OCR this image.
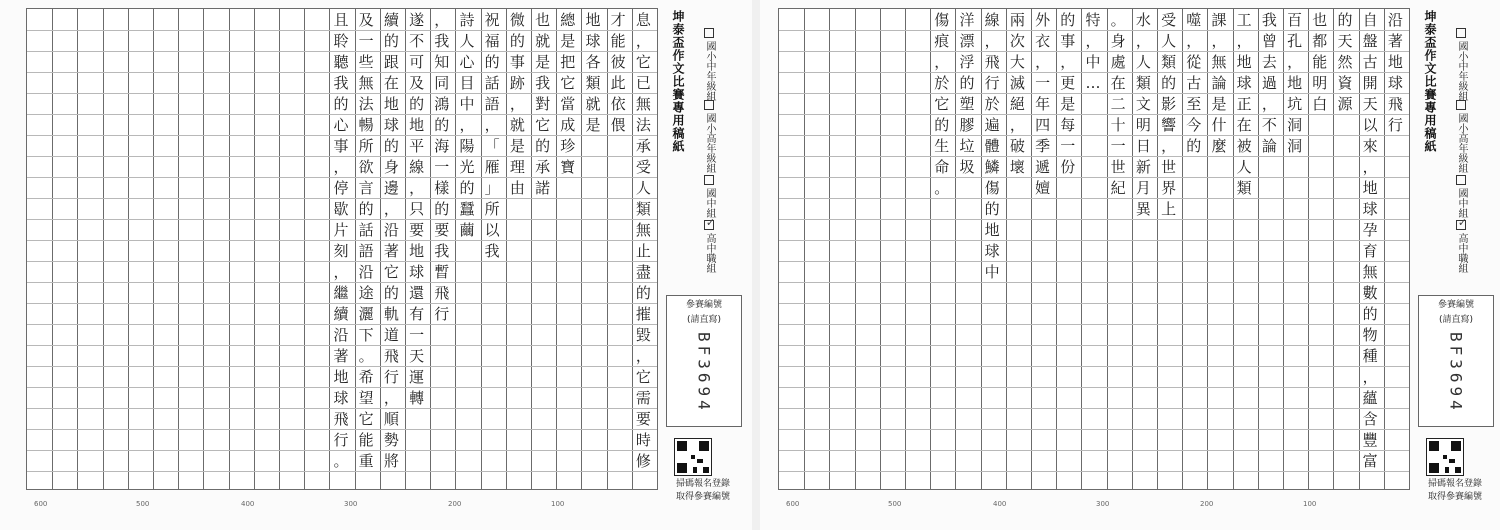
且
聆
聽
我
的
心
事
，
停
歇
片
刻
，
繼
續
沿
著
地
球
飛
行
。
及
一
些
無
法
暢
所
欲
言
的
話
語
沿
途
灑
下
。
希
望
它
能
重
續
的
跟
在
地
球
的
身
邊
，
沿
著
它
的
軌
道
飛
行
，
順
勢
將
遂
不
可
及
的
地
平
線
，
只
要
地
球
還
有
一
天
運
轉
，
我
知
同
鴻
的
海
一
樣
的
要
我
暫
飛
行
詩
人
心
目
中
，
陽
光
的
蠶
繭
祝
福
的
話
語
，
「
雁
」
所
以
我
微
的
事
跡
，
就
是
理
由
也
就
是
我
對
它
的
承
諾
總
是
把
它
當
成
珍
寶
地
球
各
類
就
是
才
能
彼
此
依
偎
息
，
它
已
無
法
承
受
人
類
無
止
盡
的
摧
毀
，
它
需
要
時
修
坤泰盃作文比賽專用稿紙 國小中年級組
國小高年級組
國中組
✓高中職組
參賽編號
(請直寫)
BF3694
掃碼報名登錄
取得參賽編號
600	500	400	300	200	100
傷
痕
，
於
它
的
生
命
。
洋
漂
浮
的
塑
膠
垃
圾
線
，
飛
行
於
遍
體
鱗
傷
的
地
球
中
兩
次
大
滅
絕
，
破
壞
外
衣
，
一
年
四
季
遞
嬗
的
事
，
更
是
每
一
份
特
，
中
…
。
身
處
在
二
十
一
世
紀
水
，
人
類
文
明
日
新
月
異
受
人
類
的
影
響
，
世
界
上
噬
，
從
古
至
今
的
課
，
無
論
是
什
麼
工
，
地
球
正
在
被
人
類
我
曾
去
過
，
不
論
百
孔
，
地
坑
洞
洞
也
都
能
明
白
的
天
然
資
源
自
盤
古
開
天
以
來
，
地
球
孕
育
無
數
的
物
種
，
蘊
含
豐
富
沿
著
地
球
飛
行 坤泰盃作文比賽專用稿紙 國小中年級組
國小高年級組
國中組
✓高中職組
參賽編號
(請直寫)
BF3694
掃碼報名登錄
取得參賽編號
600	500	400	300	200	100
